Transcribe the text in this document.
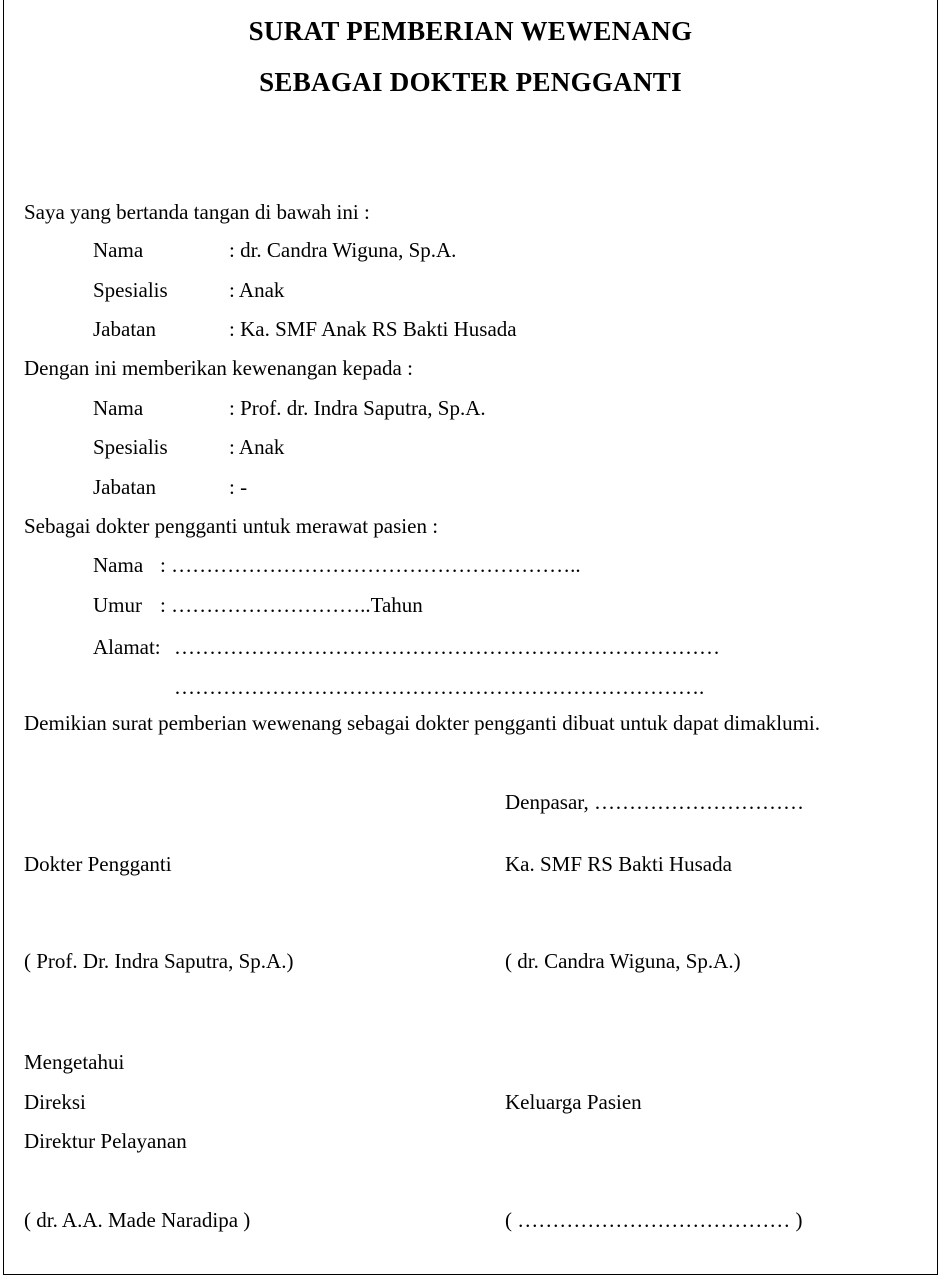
SURAT PEMBERIAN WEWENANG
SEBAGAI DOKTER PENGGANTI
Saya yang bertanda tangan di bawah ini :
Nama	: dr. Candra Wiguna, Sp.A.
Spesialis	: Anak
Jabatan	: Ka. SMF Anak RS Bakti Husada
Dengan ini memberikan kewenangan kepada :
Nama	: Prof. dr. Indra Saputra, Sp.A.
Spesialis	: Anak
Jabatan	: -
Sebagai dokter pengganti untuk merawat pasien :
Nama : …………………………………………………..
Umur : ………………………..Tahun
Alamat: ……………………………………………………………………
………………………………………………………………….
Demikian surat pemberian wewenang sebagai dokter pengganti dibuat untuk dapat dimaklumi.
Denpasar, …………………………
Dokter Pengganti	Ka. SMF RS Bakti Husada
( Prof. Dr. Indra Saputra, Sp.A.)	( dr. Candra Wiguna, Sp.A.)
Mengetahui
Direksi	Keluarga Pasien
Direktur Pelayanan
( dr. A.A. Made Naradipa )	( ………………………………… )
